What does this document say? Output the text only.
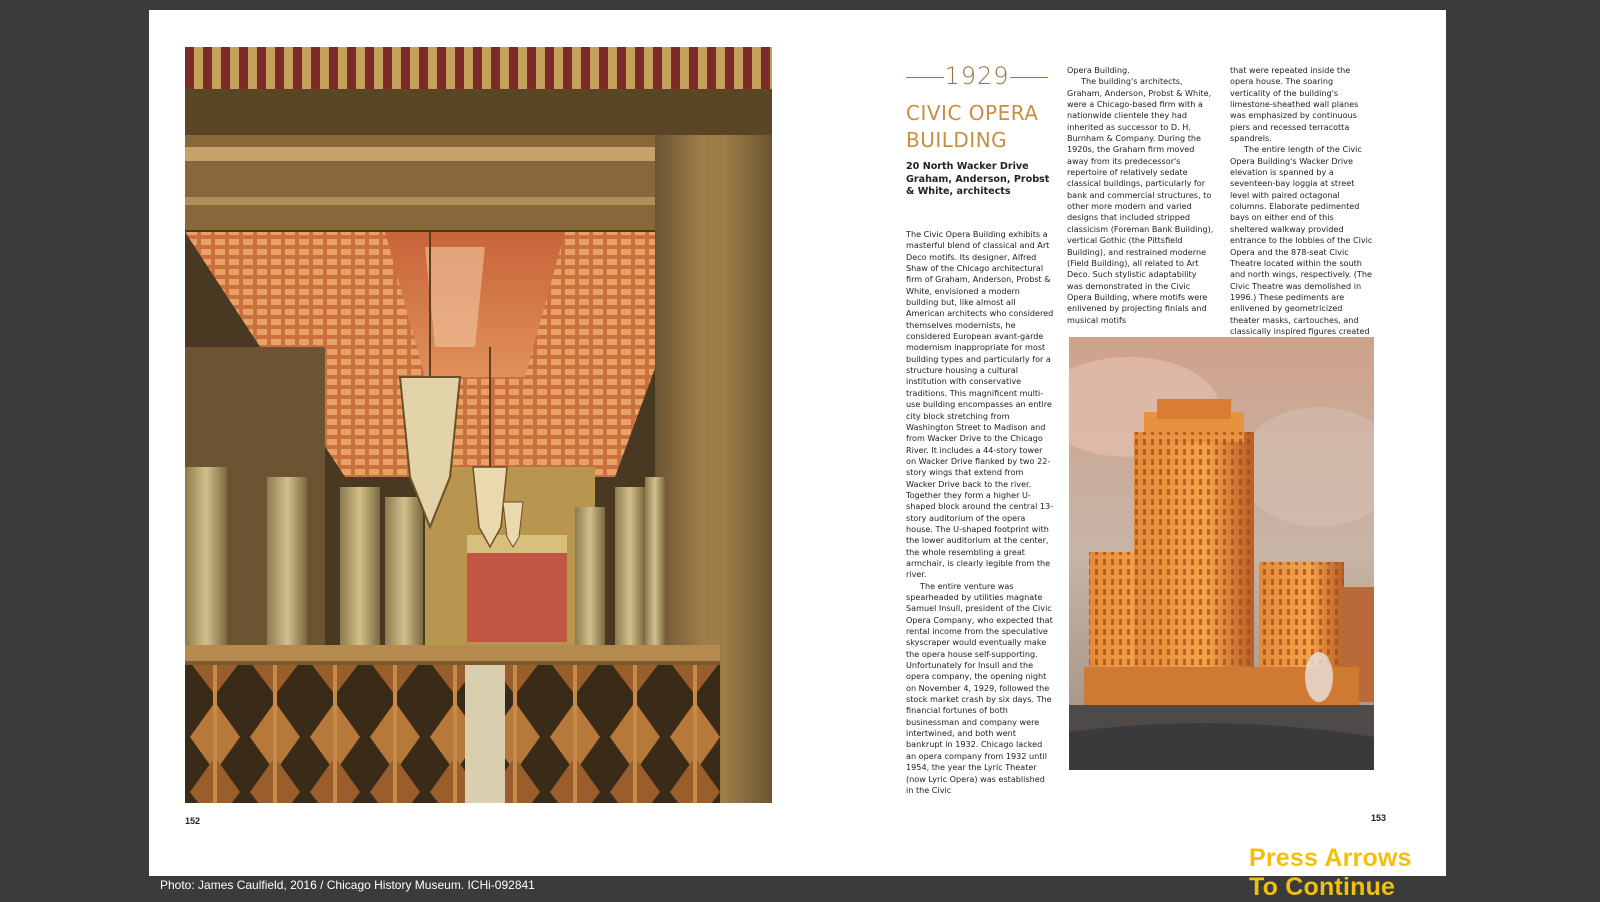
152
1929
CIVIC OPERA BUILDING
20 North Wacker Drive
Graham, Anderson, Probst & White, architects

The Civic Opera Building exhibits a masterful blend of classical and Art Deco motifs. Its designer, Alfred Shaw of the Chicago architectural firm of Graham, Anderson, Probst & White, envisioned a modern building but, like almost all American architects who considered themselves modernists, he considered European avant-garde modernism inappropriate for most building types and particularly for a structure housing a cultural institution with conservative traditions. This magnificent multi-use building encompasses an entire city block stretching from Washington Street to Madison and from Wacker Drive to the Chicago River. It includes a 44-story tower on Wacker Drive flanked by two 22-story wings that extend from Wacker Drive back to the river. Together they form a higher U-shaped block around the central 13-story auditorium of the opera house. The U-shaped footprint with the lower auditorium at the center, the whole resembling a great armchair, is clearly legible from the river.

The entire venture was spearheaded by utilities magnate Samuel Insull, president of the Civic Opera Company, who expected that rental income from the speculative skyscraper would eventually make the opera house self-supporting. Unfortunately for Insull and the opera company, the opening night on November 4, 1929, followed the stock market crash by six days. The financial fortunes of both businessman and company were intertwined, and both went bankrupt in 1932. Chicago lacked an opera company from 1932 until 1954, the year the Lyric Theater (now Lyric Opera) was established in the Civic

Opera Building.

The building's architects, Graham, Anderson, Probst & White, were a Chicago-based firm with a nationwide clientele they had inherited as successor to D. H. Burnham & Company. During the 1920s, the Graham firm moved away from its predecessor's repertoire of relatively sedate classical buildings, particularly for bank and commercial structures, to other more modern and varied designs that included stripped classicism (Foreman Bank Building), vertical Gothic (the Pittsfield Building), and restrained moderne (Field Building), all related to Art Deco. Such stylistic adaptability was demonstrated in the Civic Opera Building, where motifs were enlivened by projecting finials and musical motifs

that were repeated inside the opera house. The soaring verticality of the building's limestone-sheathed wall planes was emphasized by continuous piers and recessed terracotta spandrels.

The entire length of the Civic Opera Building's Wacker Drive elevation is spanned by a seventeen-bay loggia at street level with paired octagonal columns. Elaborate pedimented bays on either end of this sheltered walkway provided entrance to the lobbies of the Civic Opera and the 878-seat Civic Theatre located within the south and north wings, respectively. (The Civic Theatre was demolished in 1996.) These pediments are enlivened by geometricized theater masks, cartouches, and classically inspired figures created

153
Press Arrows To Continue
Photo: James Caulfield, 2016 / Chicago History Museum. ICHi-092841
